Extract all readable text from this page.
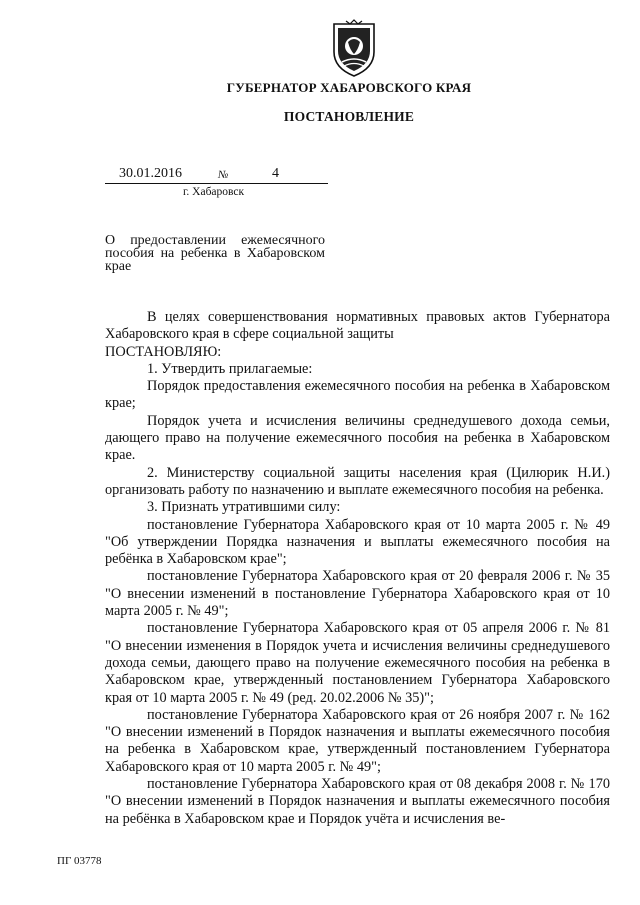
ГУБЕРНАТОР ХАБАРОВСКОГО КРАЯ
ПОСТАНОВЛЕНИЕ
30.01.2016	№	4
г. Хабаровск
О предоставлении ежемесячного пособия на ребенка в Хабаровском крае

В целях совершенствования нормативных правовых актов Губернатора Хабаровского края в сфере социальной защиты

ПОСТАНОВЛЯЮ:

1. Утвердить прилагаемые:

Порядок предоставления ежемесячного пособия на ребенка в Хабаровском крае;

Порядок учета и исчисления величины среднедушевого дохода семьи, дающего право на получение ежемесячного пособия на ребенка в Хабаровском крае.

2. Министерству социальной защиты населения края (Цилюрик Н.И.) организовать работу по назначению и выплате ежемесячного пособия на ребенка.

3. Признать утратившими силу:

постановление Губернатора Хабаровского края от 10 марта 2005 г. № 49 "Об утверждении Порядка назначения и выплаты ежемесячного пособия на ребёнка в Хабаровском крае";

постановление Губернатора Хабаровского края от 20 февраля 2006 г. № 35 "О внесении изменений в постановление Губернатора Хабаровского края от 10 марта 2005 г. № 49";

постановление Губернатора Хабаровского края от 05 апреля 2006 г. № 81 "О внесении изменения в Порядок учета и исчисления величины среднедушевого дохода семьи, дающего право на получение ежемесячного пособия на ребенка в Хабаровском крае, утвержденный постановлением Губернатора Хабаровского края от 10 марта 2005 г. № 49 (ред. 20.02.2006 № 35)";

постановление Губернатора Хабаровского края от 26 ноября 2007 г. № 162 "О внесении изменений в Порядок назначения и выплаты ежемесячного пособия на ребенка в Хабаровском крае, утвержденный постановлением Губернатора Хабаровского края от 10 марта 2005 г. № 49";

постановление Губернатора Хабаровского края от 08 декабря 2008 г. № 170 "О внесении изменений в Порядок назначения и выплаты ежемесячного пособия на ребёнка в Хабаровском крае и Порядок учёта и исчисления ве-

ПГ 03778
